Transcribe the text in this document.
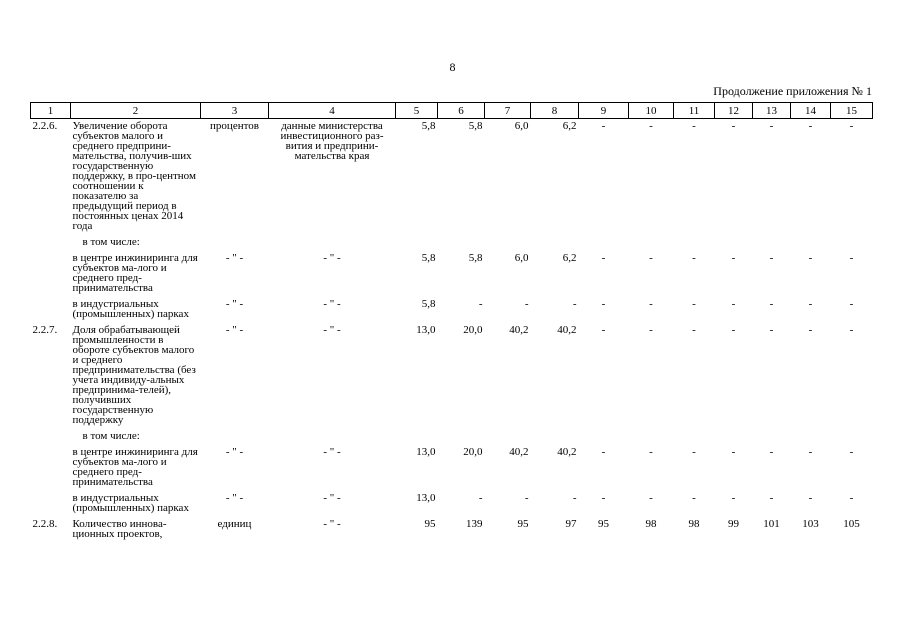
8
Продолжение приложения № 1
1	2	3	4	5	6	7	8	9	10	11	12	13	14	15
2.2.6.	Увеличение оборота субъектов малого и среднего предприни-мательства, получив-ших государственную поддержку, в про-центном соотношении к показателю за предыдущий период в постоянных ценах 2014 года	процентов	данные министерства инвестиционного раз-вития и предприни-мательства края	5,8	5,8	6,0	6,2	-	-	-	-	-	-	-
	в том числе:													
	в центре инжиниринга для субъектов ма-лого и среднего пред-принимательства	- " -	- " -	5,8	5,8	6,0	6,2	-	-	-	-	-	-	-
	в индустриальных (промышленных) парках	- " -	- " -	5,8	-	-	-	-	-	-	-	-	-	-
2.2.7.	Доля обрабатывающей промышленности в обороте субъектов малого и среднего предпринимательства (без учета индивиду-альных предпринима-телей), получивших государственную поддержку	- " -	- " -	13,0	20,0	40,2	40,2	-	-	-	-	-	-	-
	в том числе:													
	в центре инжиниринга для субъектов ма-лого и среднего пред-принимательства	- " -	- " -	13,0	20,0	40,2	40,2	-	-	-	-	-	-	-
	в индустриальных (промышленных) парках	- " -	- " -	13,0	-	-	-	-	-	-	-	-	-	-
2.2.8.	Количество иннова-ционных проектов,	единиц	- " -	95	139	95	97	95	98	98	99	101	103	105
